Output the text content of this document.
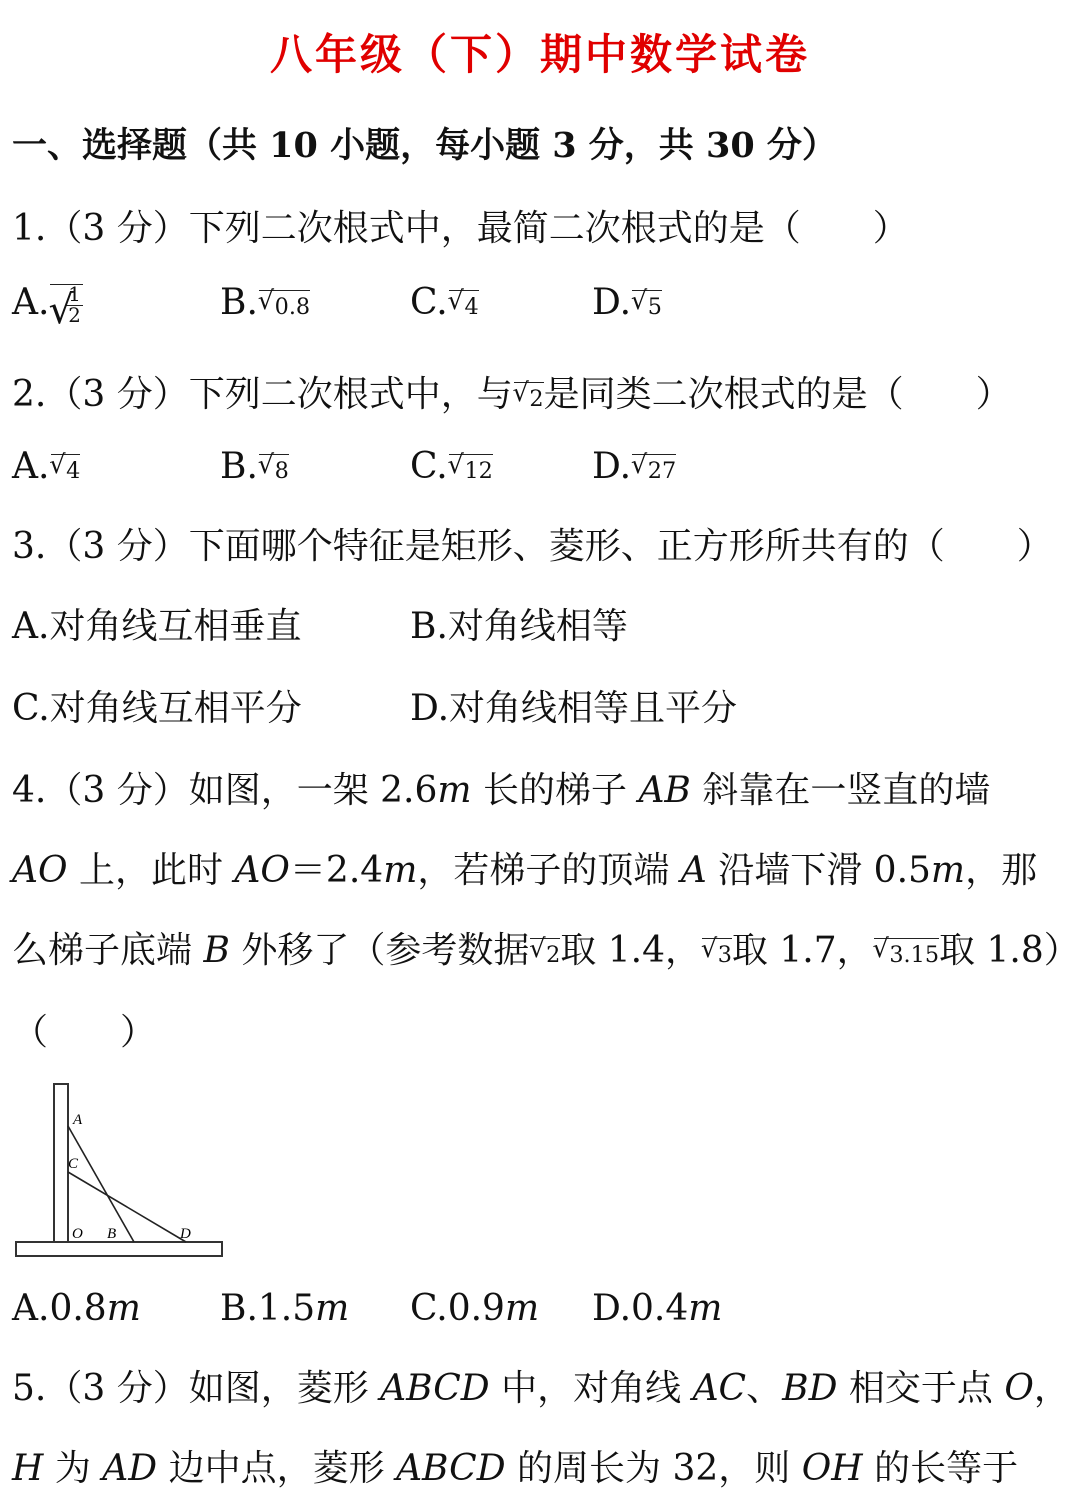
八年级（下）期中数学试卷
一、选择题（共 10 小题，每小题 3 分，共 30 分）
1.（3 分）下列二次根式中，最简二次根式的是（　　）
A. √ $\frac{1}{2}$	B. √ 0.8	C. √ 4	D. √ 5
2.（3 分）下列二次根式中，与 √ 2是同类二次根式的是（　　）
A. √ 4	B. √ 8	C. √ 12	D. √ 27
3.（3 分）下面哪个特征是矩形、菱形、正方形所共有的（　　）
A.对角线互相垂直	B.对角线相等
C.对角线互相平分	D.对角线相等且平分
4.（3 分）如图，一架 2.6m 长的梯子 AB 斜靠在一竖直的墙
AO 上，此时 AO＝2.4m，若梯子的顶端 A 沿墙下滑 0.5m，那
么梯子底端 B 外移了（参考数据 √ 2取 1.4， √ 3取 1.7， √ 3.15取 1.8）
（　　）
A
C
O B	D
A.0.8m B.1.5m C.0.9m D.0.4m
5.（3 分）如图，菱形 ABCD 中，对角线 AC、BD 相交于点 O，
H 为 AD 边中点，菱形 ABCD 的周长为 32，则 OH 的长等于
